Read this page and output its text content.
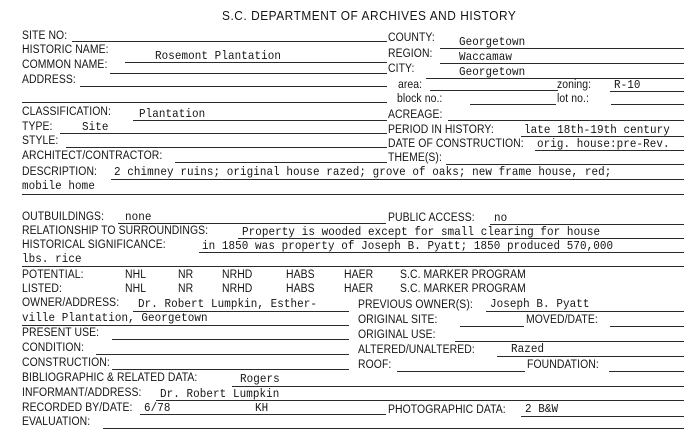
S.C. DEPARTMENT OF ARCHIVES AND HISTORY
SITE NO:	COUNTY: Georgetown
HISTORIC NAME:	Rosemont Plantation	REGION: Waccamaw
COMMON NAME:	CITY:	Georgetown
ADDRESS:	area:	zoning: R-10
block no.:	lot no.:
CLASSIFICATION: Plantation	ACREAGE:
TYPE: Site	PERIOD IN HISTORY: late 18th-19th century
STYLE:	DATE OF CONSTRUCTION: orig. house:pre-Rev.
ARCHITECT/CONTRACTOR:	THEME(S):
DESCRIPTION: 2 chimney ruins; original house razed; grove of oaks; new frame house, red;
mobile home
OUTBUILDINGS: none	PUBLIC ACCESS: no
RELATIONSHIP TO SURROUNDINGS:	Property is wooded except for small clearing for house
HISTORICAL SIGNIFICANCE:	in 1850 was property of Joseph B. Pyatt; 1850 produced 570,000
lbs. rice
POTENTIAL:	NHL	NR NRHD	HABS HAER S.C. MARKER PROGRAM
LISTED:	NHL	NR NRHD	HABS HAER S.C. MARKER PROGRAM
OWNER/ADDRESS: Dr. Robert Lumpkin, Esther-	PREVIOUS OWNER(S): Joseph B. Pyatt
ville Plantation, Georgetown	ORIGINAL SITE:	MOVED/DATE:
PRESENT USE:	ORIGINAL USE:
CONDITION:	ALTERED/UNALTERED:	Razed
CONSTRUCTION:	ROOF:	FOUNDATION:
BIBLIOGRAPHIC & RELATED DATA:	Rogers
INFORMANT/ADDRESS: Dr. Robert Lumpkin
RECORDED BY/DATE: 6/78	KH	PHOTOGRAPHIC DATA: 2 B&W
EVALUATION:
